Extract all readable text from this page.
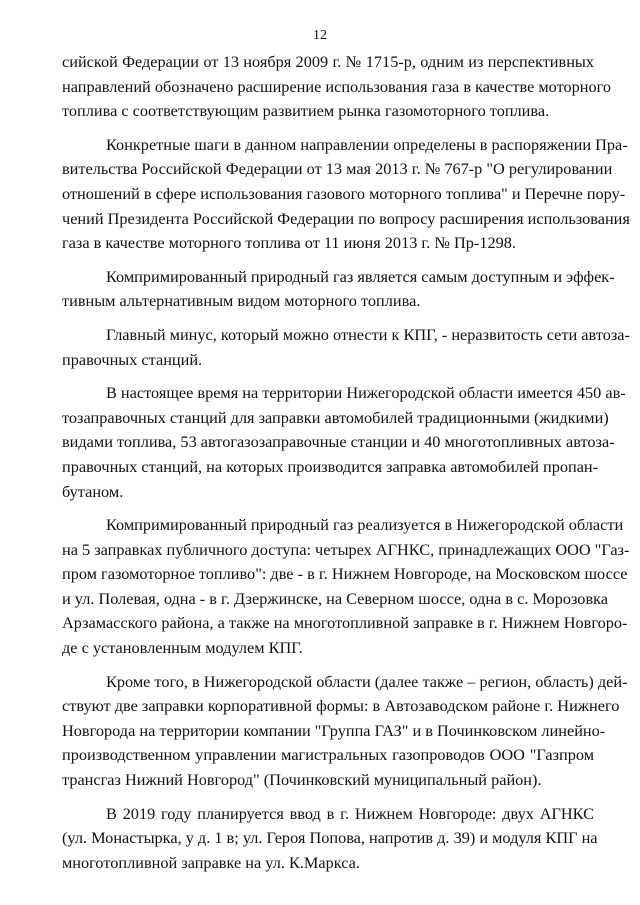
12
сийской Федерации от 13 ноября 2009 г. № 1715-р, одним из перспективных
направлений обозначено расширение использования газа в качестве моторного
топлива с соответствующим развитием рынка газомоторного топлива.
Конкретные шаги в данном направлении определены в распоряжении Пра-
вительства Российской Федерации от 13 мая 2013 г. № 767-р "О регулировании
отношений в сфере использования газового моторного топлива" и Перечне пору-
чений Президента Российской Федерации по вопросу расширения использования
газа в качестве моторного топлива от 11 июня 2013 г. № Пр-1298.
Компримированный природный газ является самым доступным и эффек-
тивным альтернативным видом моторного топлива.
Главный минус, который можно отнести к КПГ, - неразвитость сети автоза-
правочных станций.
В настоящее время на территории Нижегородской области имеется 450 ав-
тозаправочных станций для заправки автомобилей традиционными (жидкими)
видами топлива, 53 автогазозаправочные станции и 40 многотопливных автоза-
правочных станций, на которых производится заправка автомобилей пропан-
бутаном.
Компримированный природный газ реализуется в Нижегородской области
на 5 заправках публичного доступа: четырех АГНКС, принадлежащих ООО "Газ-
пром газомоторное топливо": две - в г. Нижнем Новгороде, на Московском шоссе
и ул. Полевая, одна - в г. Дзержинске, на Северном шоссе, одна в с. Морозовка
Арзамасского района, а также на многотопливной заправке в г. Нижнем Новгоро-
де с установленным модулем КПГ.
Кроме того, в Нижегородской области (далее также – регион, область) дей-
ствуют две заправки корпоративной формы: в Автозаводском районе г. Нижнего
Новгорода на территории компании "Группа ГАЗ" и в Починковском линейно-
производственном управлении магистральных газопроводов ООО "Газпром
трансгаз Нижний Новгород" (Починковский муниципальный район).
В 2019 году планируется ввод в г. Нижнем Новгороде: двух АГНКС
(ул. Монастырка, у д. 1 в; ул. Героя Попова, напротив д. 39) и модуля КПГ на
многотопливной заправке на ул. К.Маркса.
